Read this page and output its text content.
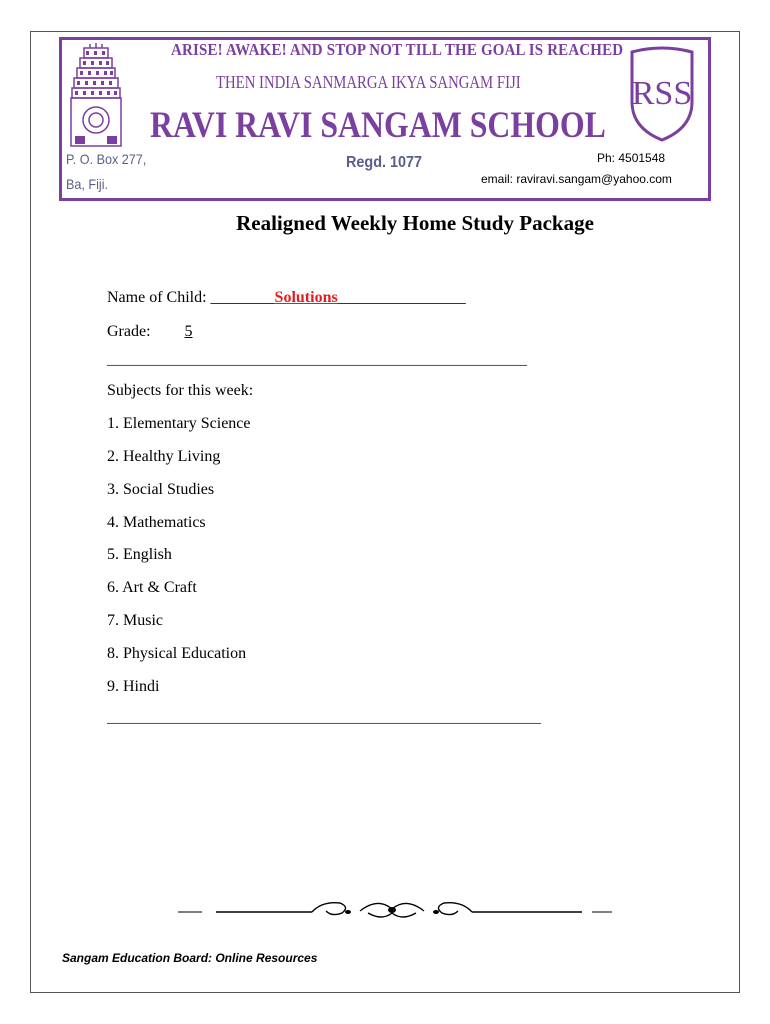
RSS
ARISE! AWAKE! AND STOP NOT TILL THE GOAL IS REACHED
THEN INDIA SANMARGA IKYA SANGAM FIJI
RAVI RAVI SANGAM SCHOOL
P. O. Box 277,
Ba, Fiji.
Regd. 1077	Ph: 4501548
email: raviravi.sangam@yahoo.com
Realigned Weekly Home Study Package
Name of Child: ________Solutions________________
Grade: 5
____________________________________________________________
Subjects for this week:
1. Elementary Science
2. Healthy Living
3. Social Studies
4. Mathematics
5. English
6. Art & Craft
7. Music
8. Physical Education
9. Hindi
______________________________________________________________
Sangam Education Board: Online Resources
